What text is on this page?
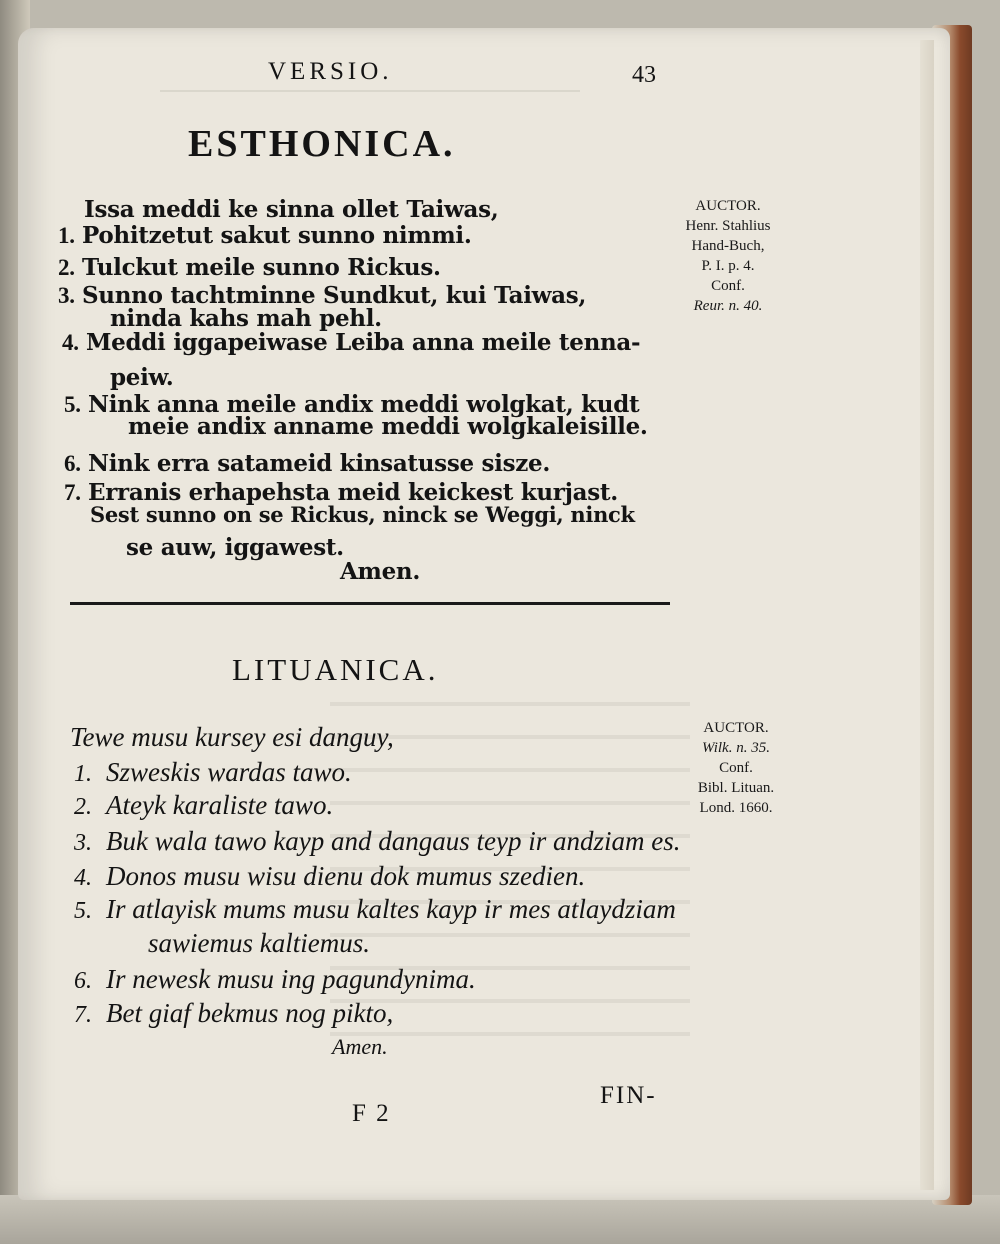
VERSIO.	43
ESTHONICA.
Issa meddi ke sinna ollet Taiwas,
1. Pohitzetut sakut sunno nimmi.
2. Tulckut meile sunno Rickus.
3. Sunno tachtminne Sundkut, kui Taiwas,
ninda kahs mah pehl.
4. Meddi iggapeiwase Leiba anna meile tenna-
peiw.
5. Nink anna meile andix meddi wolgkat, kudt
meie andix anname meddi wolgkaleisille.
6. Nink erra satameid kinsatusse sisze.
7. Erranis erhapehsta meid keickest kurjast.
Sest sunno on se Rickus, ninck se Weggi, ninck
se auw, iggawest.
Amen.
AUCTOR.
Henr. Stahlius
Hand-Buch,
P. I. p. 4.
Conf.
Reur. n. 40.
LITUANICA.
Tewe musu kursey esi danguy,
1. Szweskis wardas tawo.
2. Ateyk karaliste tawo.
3. Buk wala tawo kayp and dangaus teyp ir andziam es.
4. Donos musu wisu dienu dok mumus szedien.
5. Ir atlayisk mums musu kaltes kayp ir mes atlaydziam
sawiemus kaltiemus.
6. Ir newesk musu ing pagundynima.
7. Bet giaf bekmus nog pikto,
Amen.
AUCTOR.
Wilk. n. 35.
Conf.
Bibl. Lituan.
Lond. 1660.
F 2
FIN-
